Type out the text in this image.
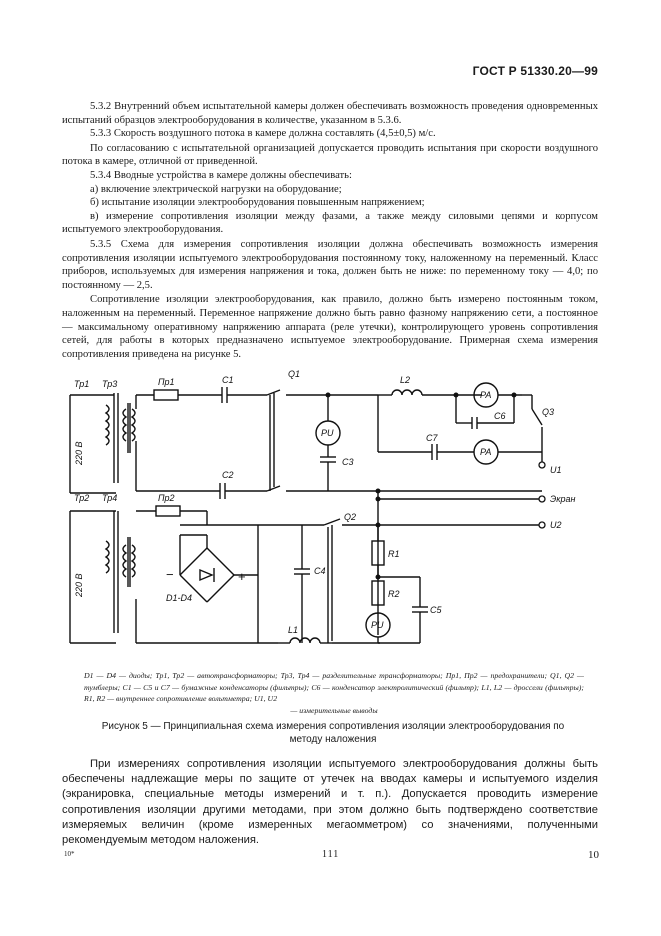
ГОСТ Р 51330.20—99

5.3.2 Внутренний объем испытательной камеры должен обеспечивать возможность проведения одновременных испытаний образцов электрооборудования в количестве, указанном в 5.3.6.

5.3.3 Скорость воздушного потока в камере должна составлять (4,5±0,5) м/с.

По согласованию с испытательной организацией допускается проводить испытания при скорости воздушного потока в камере, отличной от приведенной.

5.3.4 Вводные устройства в камере должны обеспечивать:

а) включение электрической нагрузки на оборудование;

б) испытание изоляции электрооборудования повышенным напряжением;

в) измерение сопротивления изоляции между фазами, а также между силовыми цепями и корпусом испытуемого электрооборудования.

5.3.5 Схема для измерения сопротивления изоляции должна обеспечивать возможность измерения сопротивления изоляции испытуемого электрооборудования постоянному току, наложенному на переменный. Класс приборов, используемых для измерения напряжения и тока, должен быть не ниже: по переменному току — 4,0; по постоянному — 2,5.

Сопротивление изоляции электрооборудования, как правило, должно быть измерено постоянным током, наложенным на переменный. Переменное напряжение должно быть равно фазному напряжению сети, а постоянное — максимальному оперативному напряжению аппарата (реле утечки), контролирующего уровень сопротивления сетей, для работы в которых предназначено испытуемое электрооборудование. Примерная схема измерения сопротивления приведена на рисунке 5.

Тр1 Тр3	Пр1	C1
Q1
L2
PA
C6	Q3
C7
PA
U1
PU
C3
C2
220 В
Тр2 Тр4	Пр2	Экран
U2
Q2
R1
R2
C5
PU
C4
D1-D4
L1
220 В	−	+
D1 — D4 — диоды; Тр1, Тр2 — автотрансформаторы; Тр3, Тр4 — разделительные трансформаторы; Пр1, Пр2 — предохранители; Q1, Q2 — тумблеры; C1 — C5 и C7 — бумажные конденсаторы (фильтры); C6 — конденсатор электролитический (фильтр); L1, L2 — дроссели (фильтры); R1, R2 — внутреннее сопротивление вольтметра; U1, U2
— измерительные выводы
Рисунок 5 — Принципиальная схема измерения сопротивления изоляции электрооборудования по методу наложения

При измерениях сопротивления изоляции испытуемого электрооборудования должны быть обеспечены надлежащие меры по защите от утечек на вводах камеры и испытуемого изделия (экранировка, специальные методы измерений и т. п.). Допускается проводить измерение сопротивления изоляции другими методами, при этом должно быть подтверждено соответствие измеряемых величин (кроме измеренных мегаомметром) со значениями, полученными рекомендуемым методом наложения.

10*	111	10
